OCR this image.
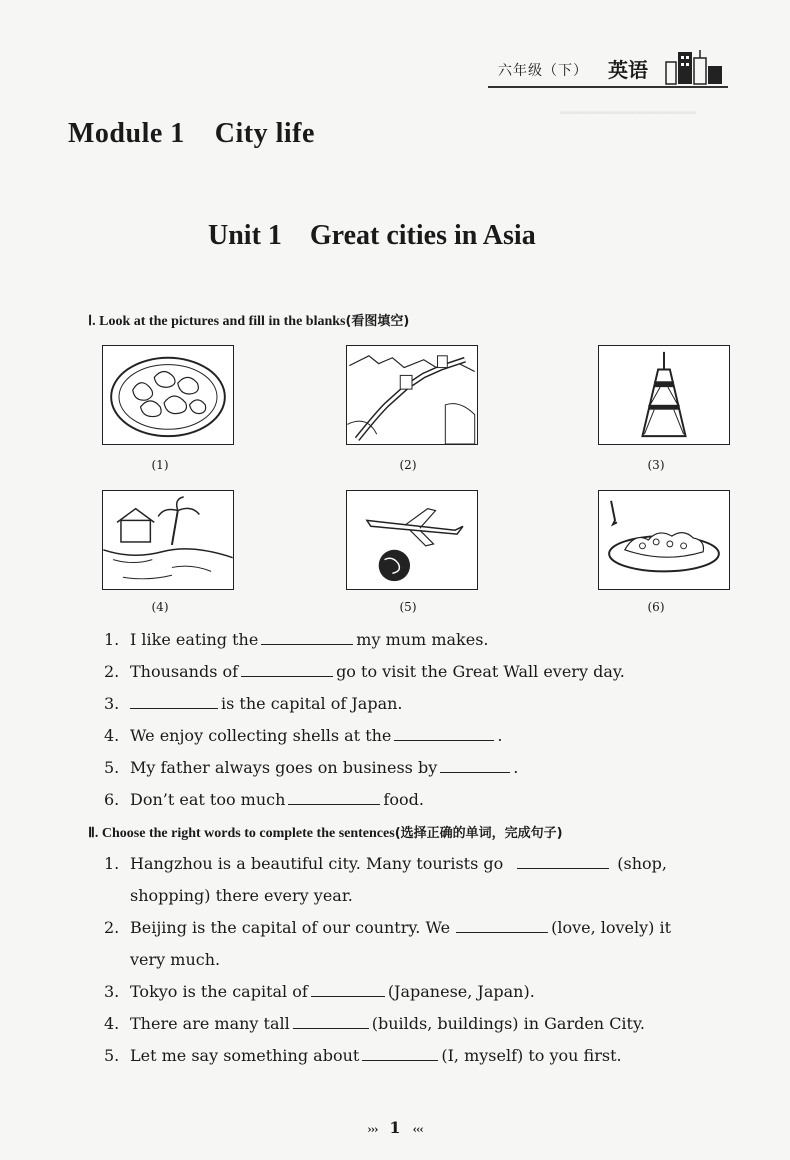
━━━━━━━━━━━━━━━
六年级（下） 英语
Module 1    City life
Unit 1    Great cities in Asia
Ⅰ. Look at the pictures and fill in the blanks(看图填空)
(1)	(2)	(3)
(4)	(5)	(6)
1. I like eating the	my mum makes.
2. Thousands of	go to visit the Great Wall every day.
3.	is the capital of Japan.
4. We enjoy collecting shells at the	.
5. My father always goes on business by	.
6. Don’t eat too much	food.
Ⅱ. Choose the right words to complete the sentences(选择正确的单词，完成句子)
1. Hangzhou is a beautiful city. Many tourists go	(shop,
shopping) there every year.
2. Beijing is the capital of our country. We	(love, lovely) it
very much.
3. Tokyo is the capital of	(Japanese, Japan).
4. There are many tall	(builds, buildings) in Garden City.
5. Let me say something about	(I, myself) to you first.
››› 1 ‹‹‹
